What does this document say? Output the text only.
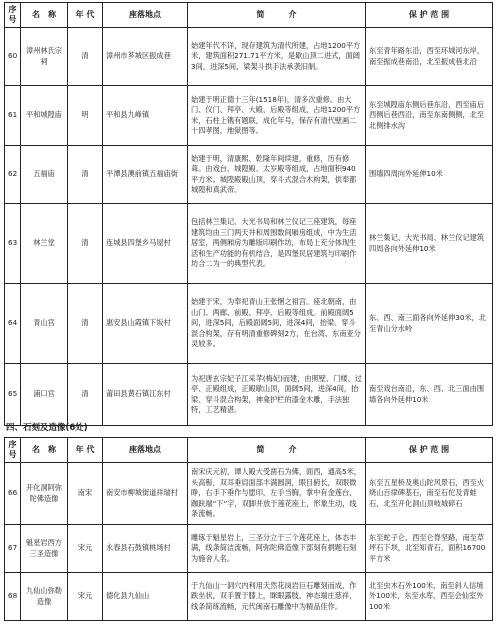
序号	名　称	年 代	座落地点	简　　　介	保 护 范 围
60	漳州林氏宗祠	清	漳州市芗城区振成巷	始建年代不详，现存建筑为清代所建，占地1200平方米，建筑面积271.71平方米，是歇山顶二进式，面阔3间，进深5间，梁架斗拱手法承袭旧制。	东至青年路东沿，西至环城河东岸，南至振成巷南沿，北至振成巷北沿
61	平和城隍庙	明	平和县九峰镇	始建于明正德十三年(1518年)，清多次重修。由大门、仪门、拜亭、大殿、后殿等组成，占地1200平方米，石柱上镌有题联，成化年号，保存有清代壁画二十四孝图，地狱图等。	东至城隍庙东侧后巷东沿，西至庙后西侧后巷西沿，南至东南侧侧，北至北侧排水沟
62	五福庙	清	平潭县澳前镇五福庙街	始建于明，清康熙、乾隆年间续建，重修，历有修葺。由戏台、城隍殿、太岁殿等组成，占地面积940平方米。城隍殿殿山顶，穿斗式混合木构架，供奉都城隍和真武帝。	围墙四周向外延伸10米
63	林兰堂	清	连城县四堡乡马屋村	包括林兰集记、大光书局和林兰仪记三座建筑，每座建筑均由三门两天井和周围数间厢房组成，中为生活居室，两侧厢房为雕版印刷作坊，布局上充分体现生活和生产功能的有机结合，是四堡民居建筑与印刷作坊合二为一的典型代表。	林兰集记、大光书局、林兰仪记建筑四周各向外延伸10米
64	青山宫	清	惠安县山霞镇下坂村	始建于宋，为奉祀青山王张悃之祖宫。座北朝南，由山门、两廊、前殿、拜亭、后殿等组成。前殿面阔5间，进深5间，后殿面阔5间，进深4间，抬梁、穿斗混合构架，存有明清重修碑刻2方，在台湾、东南亚分灵较多。	东、西、南三面各向外延伸30米，北至青山分水岭
65	浦口宫	清	莆田县黄石镇江东村	为祀唐玄宗妃子江采苹(梅妃)而建，由照壁、门楼、过亭、正殿组成，正殿歇山顶，面阔5间，进深4间，抬梁、穿斗混合构架，神龛护栏的漆金木雕，手法独特，工艺精湛。	南至戏台南沿，东、西、北三面由围墙各向外延伸10米
四、石刻及造像(6处)
序号	名　称	年 代	座落地点	简　　　介	保 护 范 围
66	开化洞阿弥陀佛造像	南宋	南安市柳城街道祥瑞村	南宋庆元初，谭人殿大受凿石为佛，面西，通高5米，头高髻，双耳垂肩面部丰满圆润，眼目俯长，双眼微睁，右手下垂作与愿印，左手当胸，掌中有金莲台，跏趺端“下”字，双脚并放于莲花座上，形象生动，线条流畅。	东至五星桥及奥山陀风景石，西至火烧山百律碑基石，南至石佗及青蛙石，北至开化洞山顶岐城碎石
67	魁星岩西方三圣造像	宋元	永春县石鼓镇桃场村	雕琢于魁星岩上，三圣分立于三个莲花座上，体态丰满，线条简洁流畅，阿弥陀佛造像下部刻有捐题石刻为施舍人名。	东至蛇子仑，西至仑脊坚路，南至草坪石下坝，北至知青石，面积16700平方米
68	九仙山弥勒造像	宋元	德化县九仙山	于九仙山一洞穴内利用天然花岗岩巨石雕刻而成，作跌坐状，双手置于膝上，眯眼露肢，神态端庄慈祥，线条简练流畅，元代闽南石雕像中为精品佳作。	北至虫木石外100米，南至斜人信境外100米，东至水库，西至会仙室外100米
